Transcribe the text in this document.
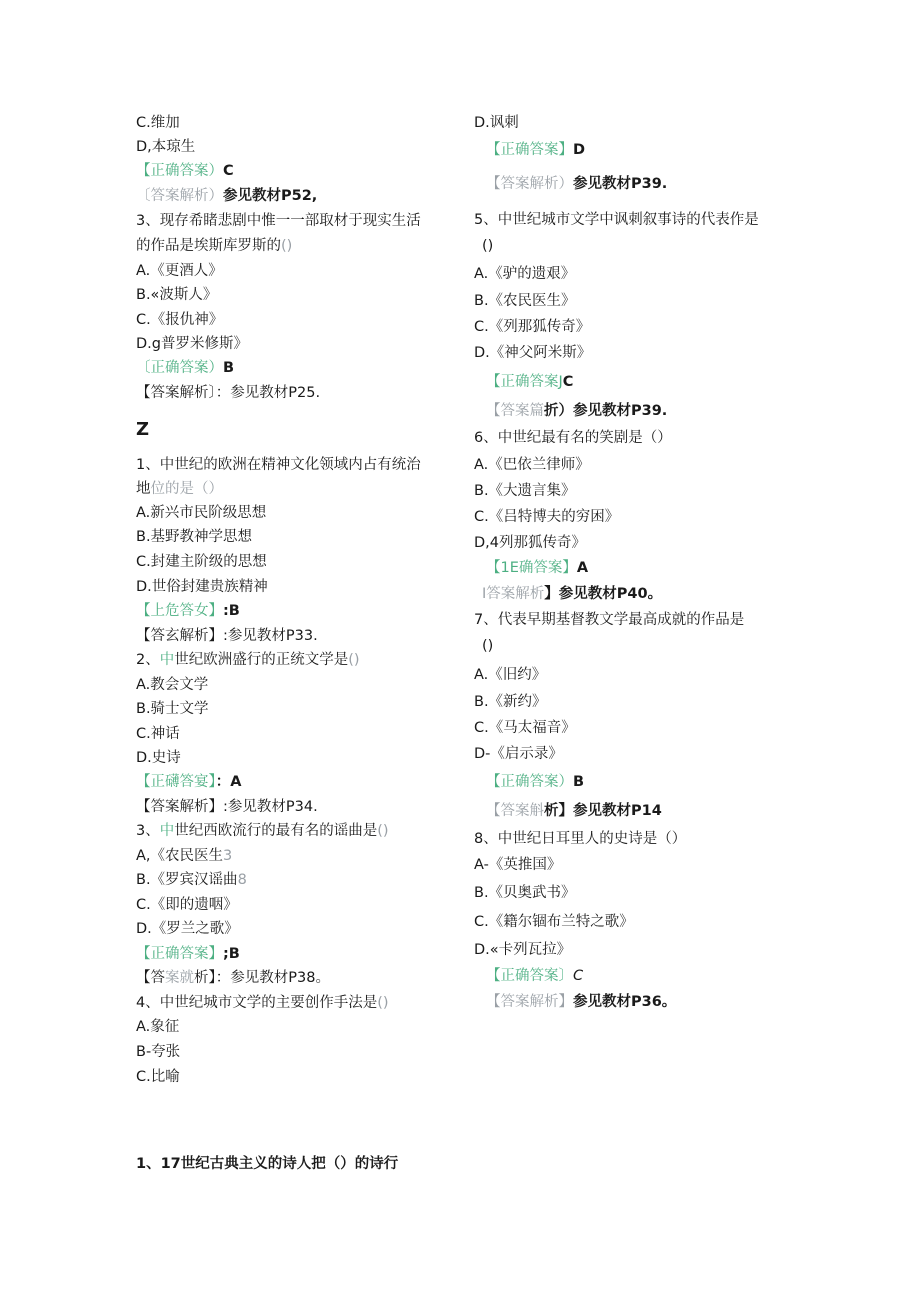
C.维加
D,本琼生
【正确答案）C
〔答案解析）参见教材P52,
3、现存希睹悲剧中惟一一部取材于现实生活
的作品是埃斯库罗斯的()
A.《更酒人》
B.«波斯人》
C.《报仇神》
D.g普罗米修斯》
〔正确答案）B
【答案解析〕：参见教材P25.
Z
1、中世纪的欧洲在精神文化领域内占有统治
地位的是（）
A.新兴市民阶级思想
B.基野教神学思想
C.封建主阶级的思想
D.世俗封建贵族精神
【上危答女】:B
【答玄解析】:参见教材P33.
2、中世纪欧洲盛行的正统文学是()
A.教会文学
B.骑士文学
C.神话
D.史诗
【正礴答宴】：A
【答案解析】:参见教材P34.
3、中世纪西欧流行的最有名的谣曲是()
A,《农民医生3
B.《罗宾汉谣曲8
C.《即的遗咽》
D.《罗兰之歌》
【正确答案】;B
【答案就析】：参见教材P38。
4、中世纪城市文学的主要创作手法是()
A.象征
B-夸张
C.比喻
D.讽刺
【正确答案】D
【答案解析）参见教材P39.
5、中世纪城市文学中讽刺叙事诗的代表作是
()
A.《驴的遗艰》
B.《农民医生》
C.《列那狐传奇》
D.《神父阿米斯》
【正确答案JC
【答案篇折）参见教材P39.
6、中世纪最有名的笑剧是（）
A.《巴依兰律师》
B.《大遗言集》
C.《吕特博夫的穷困》
D,4列那狐传奇》
【1E确答案】A
I答案解析】参见教材P40。
7、代表早期基督教文学最高成就的作品是
()
A.《旧约》
B.《新约》
C.《马太福音》
D-《启示录》
【正确答案）B
【答案斛析】参见教材P14
8、中世纪日耳里人的史诗是（）
A-《英推国》
B.《贝奥武书》
C.《籍尔锢布兰特之歌》
D.«卡列瓦拉》
【正确答案〕C
【答案解析】参见教材P36。
1、17世纪古典主义的诗人把（）的诗行
